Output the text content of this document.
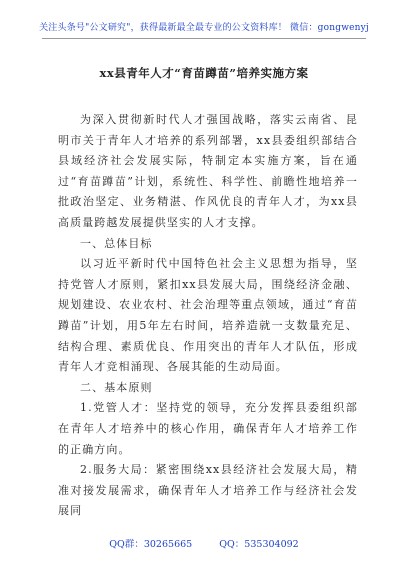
关注头条号"公文研究"，获得最新最全最专业的公文资料库！ 微信：gongwenyj
xx县青年人才“育苗蹲苗”培养实施方案

为深入贯彻新时代人才强国战略，落实云南省、昆明市关于青年人才培养的系列部署，xx县委组织部结合县域经济社会发展实际，特制定本实施方案，旨在通过“育苗蹲苗”计划，系统性、科学性、前瞻性地培养一批政治坚定、业务精湛、作风优良的青年人才，为xx县高质量跨越发展提供坚实的人才支撑。

一、总体目标

以习近平新时代中国特色社会主义思想为指导，坚持党管人才原则，紧扣xx县发展大局，围绕经济金融、规划建设、农业农村、社会治理等重点领域，通过“育苗蹲苗”计划，用5年左右时间，培养造就一支数量充足、结构合理、素质优良、作用突出的青年人才队伍，形成青年人才竞相涌现、各展其能的生动局面。

二、基本原则

1.党管人才：坚持党的领导，充分发挥县委组织部在青年人才培养中的核心作用，确保青年人才培养工作的正确方向。

2.服务大局：紧密围绕xx县经济社会发展大局，精准对接发展需求，确保青年人才培养工作与经济社会发展同

QQ群：30265665	QQ：535304092
